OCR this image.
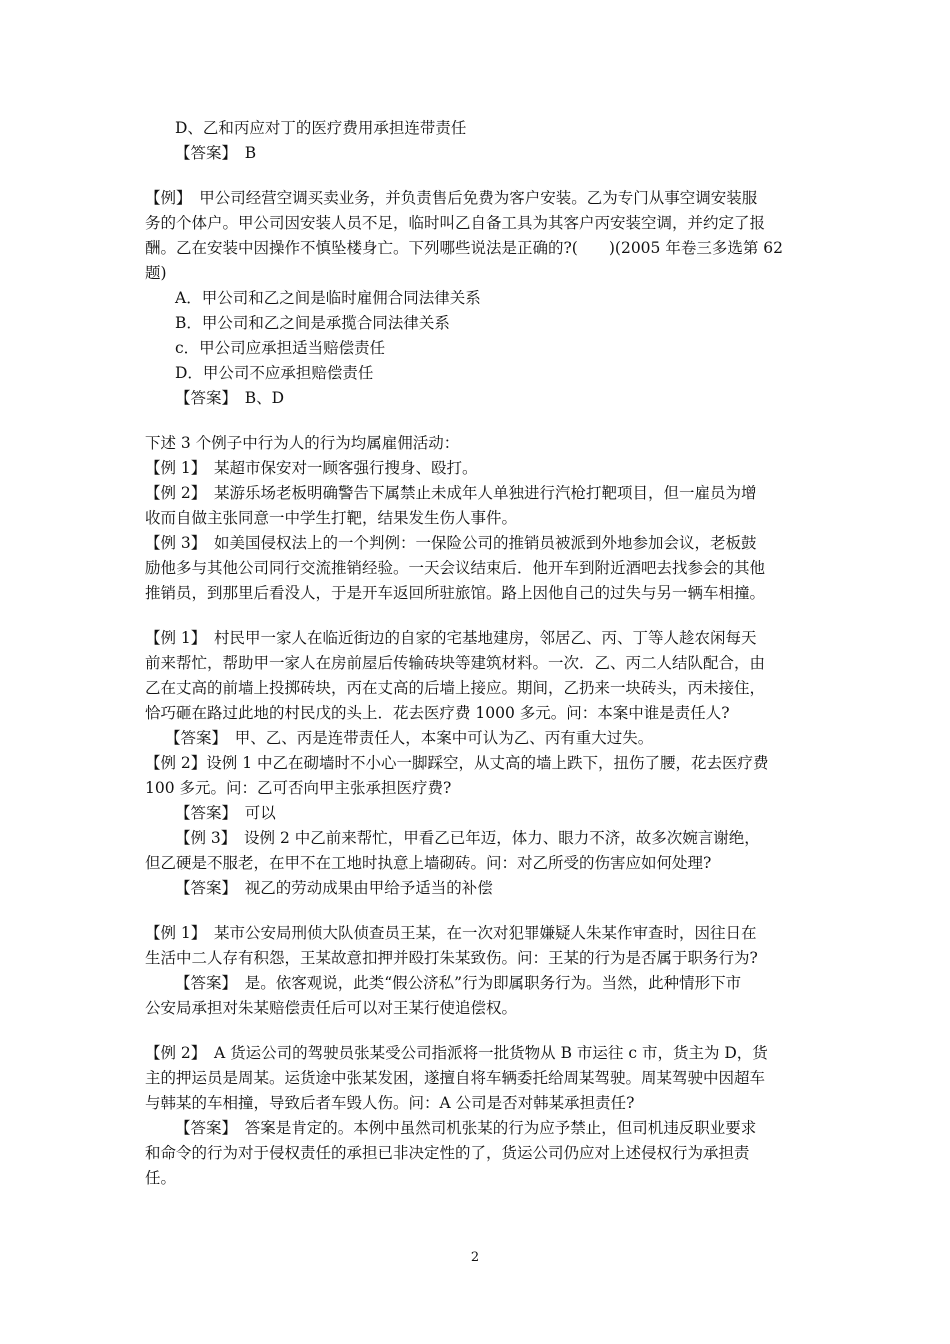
D、乙和丙应对丁的医疗费用承担连带责任
【答案】　B
【例】　甲公司经营空调买卖业务，并负责售后免费为客户安装。乙为专门从事空调安装服
务的个体户。甲公司因安装人员不足，临时叫乙自备工具为其客户丙安装空调，并约定了报
酬。乙在安装中因操作不慎坠楼身亡。下列哪些说法是正确的?(　　)(2005 年卷三多选第 62
题)
A．甲公司和乙之间是临时雇佣合同法律关系
B．甲公司和乙之间是承揽合同法律关系
c．甲公司应承担适当赔偿责任
D．甲公司不应承担赔偿责任
【答案】　B、D
下述 3 个例子中行为人的行为均属雇佣活动：
【例 1】　某超市保安对一顾客强行搜身、殴打。
【例 2】　某游乐场老板明确警告下属禁止未成年人单独进行汽枪打靶项目，但一雇员为增
收而自做主张同意一中学生打靶，结果发生伤人事件。
【例 3】　如美国侵权法上的一个判例：一保险公司的推销员被派到外地参加会议，老板鼓
励他多与其他公司同行交流推销经验。一天会议结束后．他开车到附近酒吧去找参会的其他
推销员，到那里后看没人，于是开车返回所驻旅馆。路上因他自己的过失与另一辆车相撞。
【例 1】　村民甲一家人在临近街边的自家的宅基地建房，邻居乙、丙、丁等人趁农闲每天
前来帮忙，帮助甲一家人在房前屋后传输砖块等建筑材料。一次．乙、丙二人结队配合，由
乙在丈高的前墙上投掷砖块，丙在丈高的后墙上接应。期间，乙扔来一块砖头，丙未接住，
恰巧砸在路过此地的村民戊的头上．花去医疗费 1000 多元。问：本案中谁是责任人?
【答案】　甲、乙、丙是连带责任人，本案中可认为乙、丙有重大过失。
【例 2】设例 1 中乙在砌墙时不小心一脚踩空，从丈高的墙上跌下，扭伤了腰，花去医疗费
100 多元。问：乙可否向甲主张承担医疗费?
【答案】　可以
【例 3】　设例 2 中乙前来帮忙，甲看乙已年迈，体力、眼力不济，故多次婉言谢绝，
但乙硬是不服老，在甲不在工地时执意上墙砌砖。问：对乙所受的伤害应如何处理?
【答案】　视乙的劳动成果由甲给予适当的补偿
【例 1】　某市公安局刑侦大队侦查员王某，在一次对犯罪嫌疑人朱某作审查时，因往日在
生活中二人存有积怨，王某故意扣押并殴打朱某致伤。问：王某的行为是否属于职务行为?
【答案】　是。依客观说，此类“假公济私”行为即属职务行为。当然，此种情形下市
公安局承担对朱某赔偿责任后可以对王某行使追偿权。
【例 2】　A 货运公司的驾驶员张某受公司指派将一批货物从 B 市运往 c 市，货主为 D，货
主的押运员是周某。运货途中张某发困，遂擅自将车辆委托给周某驾驶。周某驾驶中因超车
与韩某的车相撞，导致后者车毁人伤。问：A 公司是否对韩某承担责任?
【答案】　答案是肯定的。本例中虽然司机张某的行为应予禁止，但司机违反职业要求
和命令的行为对于侵权责任的承担已非决定性的了，货运公司仍应对上述侵权行为承担责
任。
2
